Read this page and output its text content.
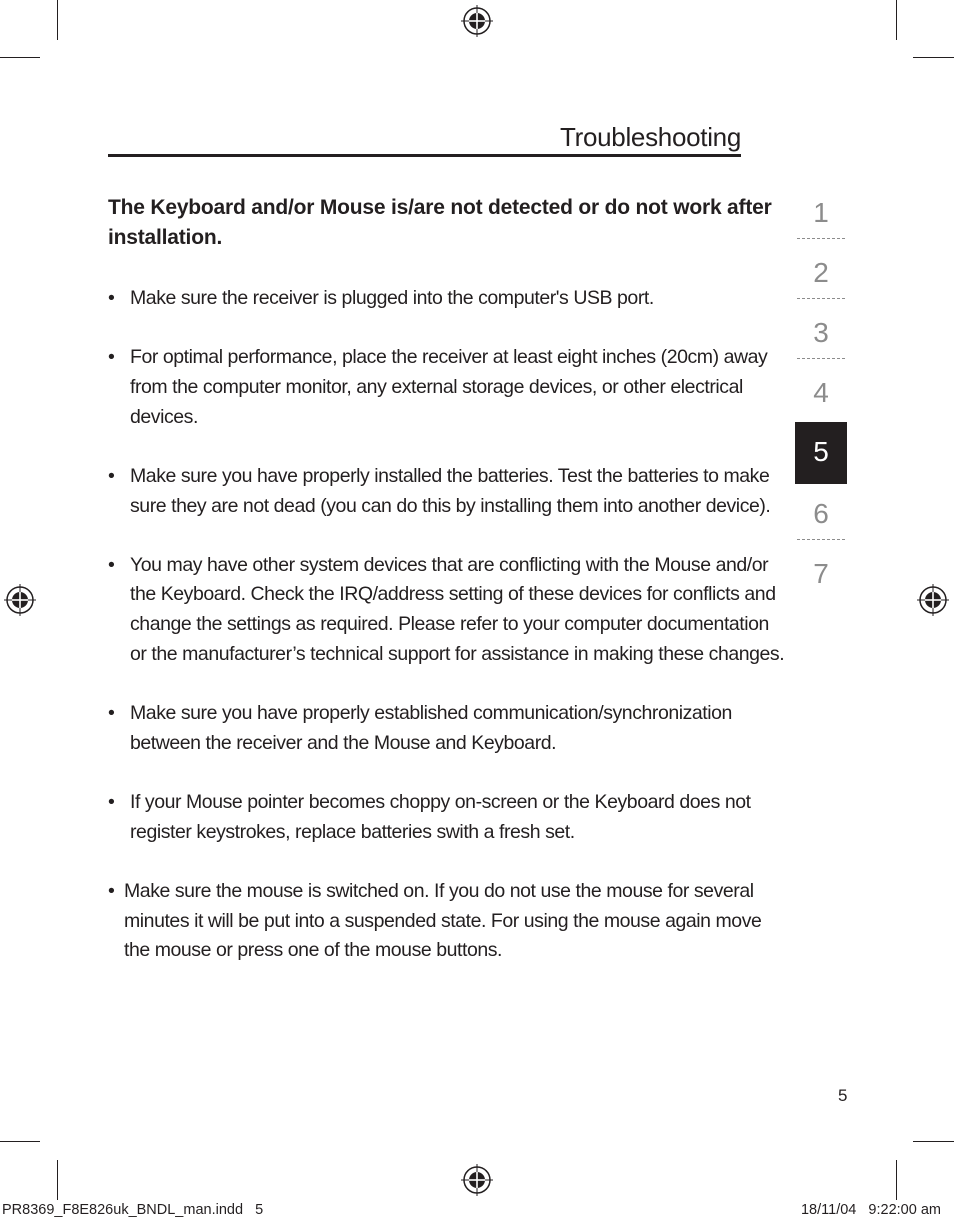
Troubleshooting
The Keyboard and/or Mouse is/are not detected or do not work after installation.
• Make sure the receiver is plugged into the computer's USB port.
• For optimal performance, place the receiver at least eight inches (20cm) away from the computer monitor, any external storage devices, or other electrical devices.
• Make sure you have properly installed the batteries. Test the batteries to make sure they are not dead (you can do this by installing them into another device).
• You may have other system devices that are conflicting with the Mouse and/or the Keyboard. Check the IRQ/address setting of these devices for conflicts and change the settings as required. Please refer to your computer documentation or the manufacturer’s technical support for assistance in making these changes.
• Make sure you have properly established communication/synchronization between the receiver and the Mouse and Keyboard.
• If your Mouse pointer becomes choppy on-screen or the Keyboard does not register keystrokes, replace batteries swith a fresh set.
• Make sure the mouse is switched on. If you do not use the mouse for several minutes it will be put into a suspended state. For using the mouse again move the mouse or press one of the mouse buttons.
1
2
3
4
5
6
7
5
PR8369_F8E826uk_BNDL_man.indd   5	18/11/04   9:22:00 am
